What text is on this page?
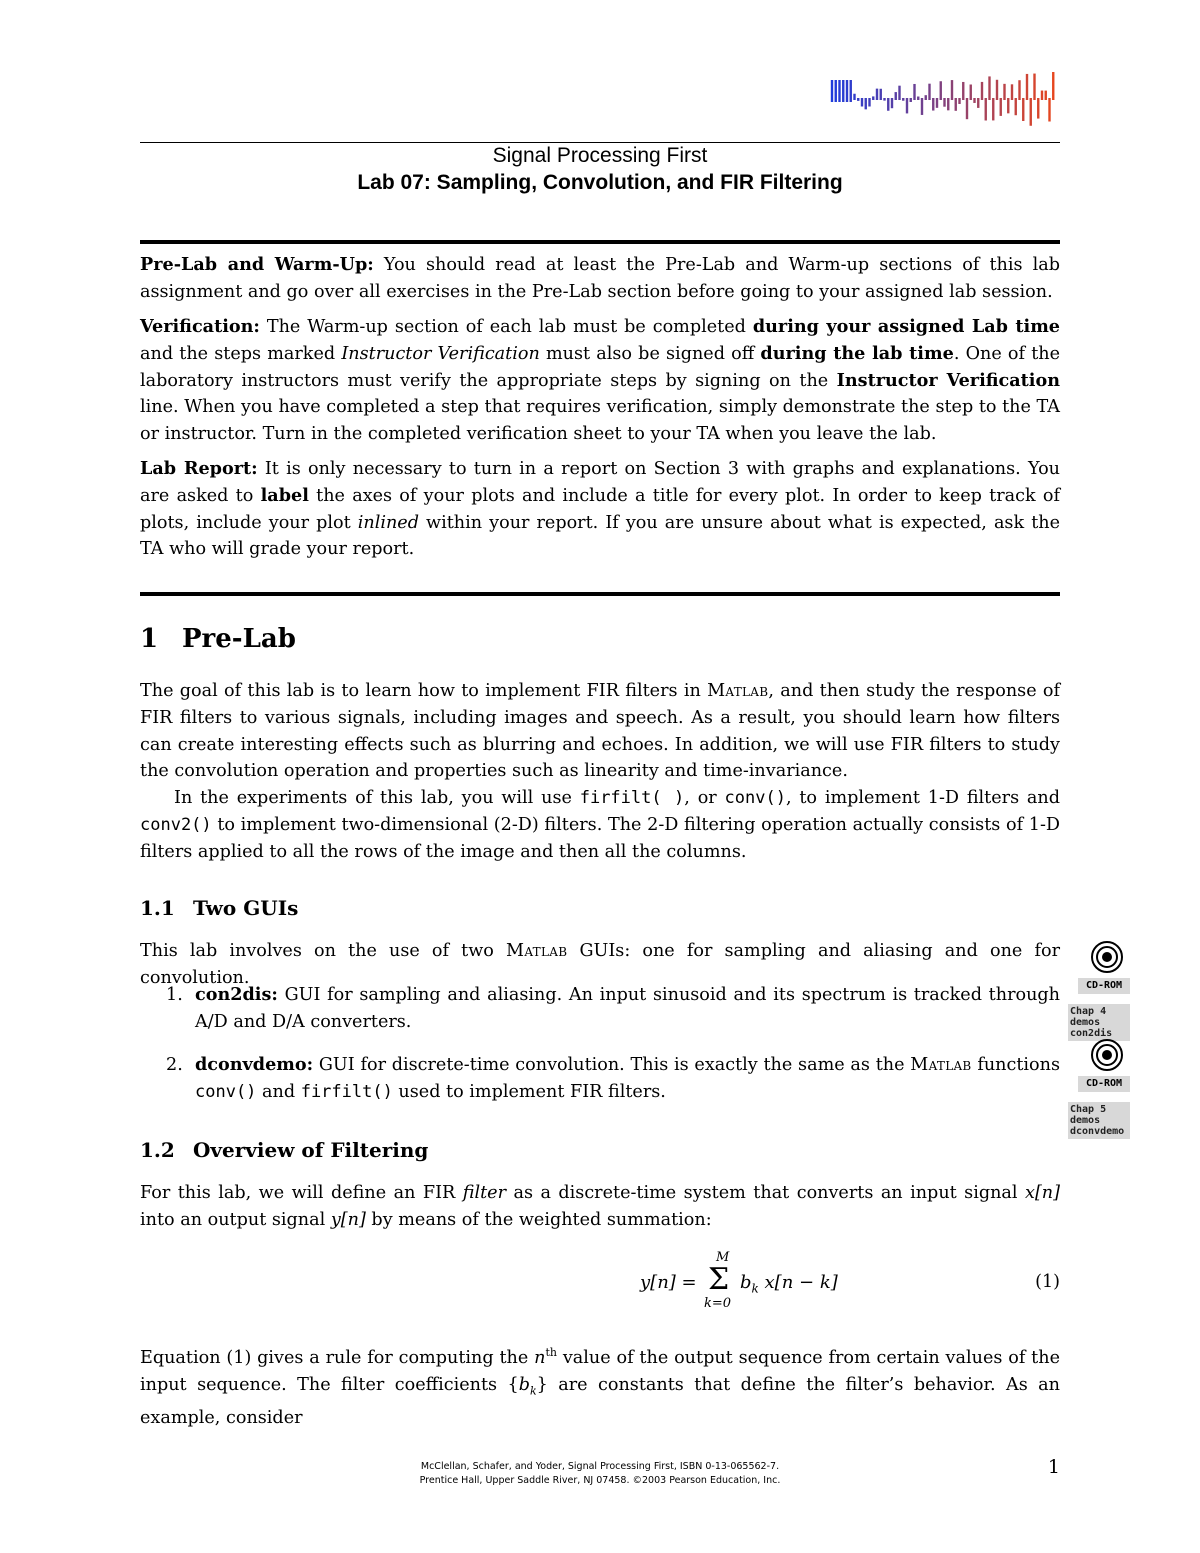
Signal Processing First
Lab 07: Sampling, Convolution, and FIR Filtering

Pre-Lab and Warm-Up: You should read at least the Pre-Lab and Warm-up sections of this lab assignment and go over all exercises in the Pre-Lab section before going to your assigned lab session.

Verification: The Warm-up section of each lab must be completed during your assigned Lab time and the steps marked Instructor Verification must also be signed off during the lab time. One of the laboratory instructors must verify the appropriate steps by signing on the Instructor Verification line. When you have completed a step that requires verification, simply demonstrate the step to the TA or instructor. Turn in the completed verification sheet to your TA when you leave the lab.

Lab Report: It is only necessary to turn in a report on Section 3 with graphs and explanations. You are asked to label the axes of your plots and include a title for every plot. In order to keep track of plots, include your plot inlined within your report. If you are unsure about what is expected, ask the TA who will grade your report.

1 Pre-Lab

The goal of this lab is to learn how to implement FIR filters in Matlab, and then study the response of FIR filters to various signals, including images and speech. As a result, you should learn how filters can create interesting effects such as blurring and echoes. In addition, we will use FIR filters to study the convolution operation and properties such as linearity and time-invariance.

In the experiments of this lab, you will use firfilt( ), or conv(), to implement 1-D filters and conv2() to implement two-dimensional (2-D) filters. The 2-D filtering operation actually consists of 1-D filters applied to all the rows of the image and then all the columns.

1.1 Two GUIs

This lab involves on the use of two Matlab GUIs: one for sampling and aliasing and one for convolution.

1. con2dis: GUI for sampling and aliasing. An input sinusoid and its spectrum is tracked through A/D and D/A converters.

2. dconvdemo: GUI for discrete-time convolution. This is exactly the same as the Matlab functions conv() and firfilt() used to implement FIR filters.

1.2 Overview of Filtering

For this lab, we will define an FIR filter as a discrete-time system that converts an input signal x[n] into an output signal y[n] by means of the weighted summation:

y[n] =
M
Σ
k=0
$b_k$ x[n − k]	(1)

Equation (1) gives a rule for computing the $n^{th}$ value of the output sequence from certain values of the input sequence. The filter coefficients $\{b_k\}$ are constants that define the filter’s behavior. As an example, consider

CD-ROM
Chap 4
demos
con2dis
CD-ROM
Chap 5
demos
dconvdemo
McClellan, Schafer, and Yoder, Signal Processing First, ISBN 0-13-065562-7.
Prentice Hall, Upper Saddle River, NJ 07458. ©2003 Pearson Education, Inc.
1
